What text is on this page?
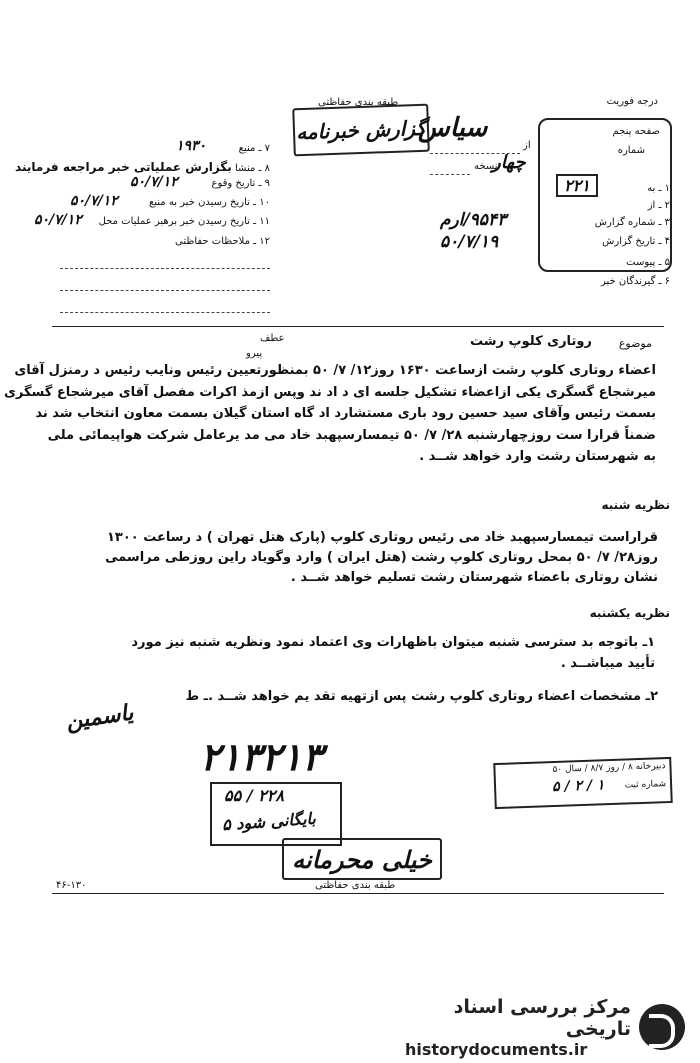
درجه فوریت
طبقه بندی حفاظتی
گزارش خبرنامه
سیاس
از
نسخه
چهار
صفحه پنجم
شماره
۲۲۱	۱ ـ به
۲ ـ از
۳ ـ شماره گزارش
۴ ـ تاریخ گزارش
۵ ـ پیوست
۶ ـ گیرندگان خبر
۹۵۴۳/ارم
۵۰/۷/۱۹
۷ ـ منبع
۱۹۳۰
۸ ـ منشا بگزارش عملیاتی خبر مراجعه فرمایند
۹ ـ تاریخ وقوع
۵۰/۷/۱۲
۱۰ ـ تاریخ رسیدن خبر به منبع
۵۰/۷/۱۲
۱۱ ـ تاریخ رسیدن خبر برهبر عملیات محل
۵۰/۷/۱۲
۱۲ ـ ملاحظات حفاظتی
موضوع
روتاری کلوپ رشت
عطف
پیرو
اعضاء روتاری کلوپ رشت ازساعت ۱۶۳۰ روز۱۲/ ۷/ ۵۰ بمنظورتعیین رئیس ونایب رئیس د رمنزل آقای
میرشجاع گسگری یکی ازاعضاء تشکیل جلسه ای د اد ند وپس ازمذ اکرات مفصل آقای میرشجاع گسگری
بسمت رئیس وآقای سید حسین رود باری مستشارد اد گاه استان گیلان بسمت معاون انتخاب شد ند
ضمناً قرارا ست روزچهارشنبه ۲۸/ ۷/ ۵۰ تیمسارسپهبد خاد می مد یرعامل شرکت هواپیمائی ملی
به شهرستان رشت وارد خواهد شــد .
نظریه شنبه
قراراست تیمسارسپهبد خاد می رئیس روتاری کلوپ (پارک هتل تهران ) د رساعت ۱۳۰۰
روز۲۸/ ۷/ ۵۰ بمحل روتاری کلوپ رشت (هتل ایران ) وارد وگویاد راین روزطی مراسمی
نشان روتاری باعضاء شهرستان رشت تسلیم خواهد شــد .
نظریه یکشنبه
۱ـ باتوجه بد سترسی شنبه میتوان باظهارات وی اعتماد نمود ونظریه شنبه نیز مورد
تأیید میباشــد .
۲ـ مشخصات اعضاء روتاری کلوپ رشت پس ازتهیه تقد یم خواهد شــد .ـ ط
یاسمین
۲۱۳۲۱۳
۲۲۸ / ۵۵
بایگانی شود ۵
دبیرخانه ۸ / روز ۸/۷ / سال ۵۰
شماره ثبت
۵ / ۲ / ۱
خیلی محرمانه
طبقه بندی حفاظتی
۴۶-۱۳۰
مرکز بررسی اسناد تاریخی
historydocuments.ir
